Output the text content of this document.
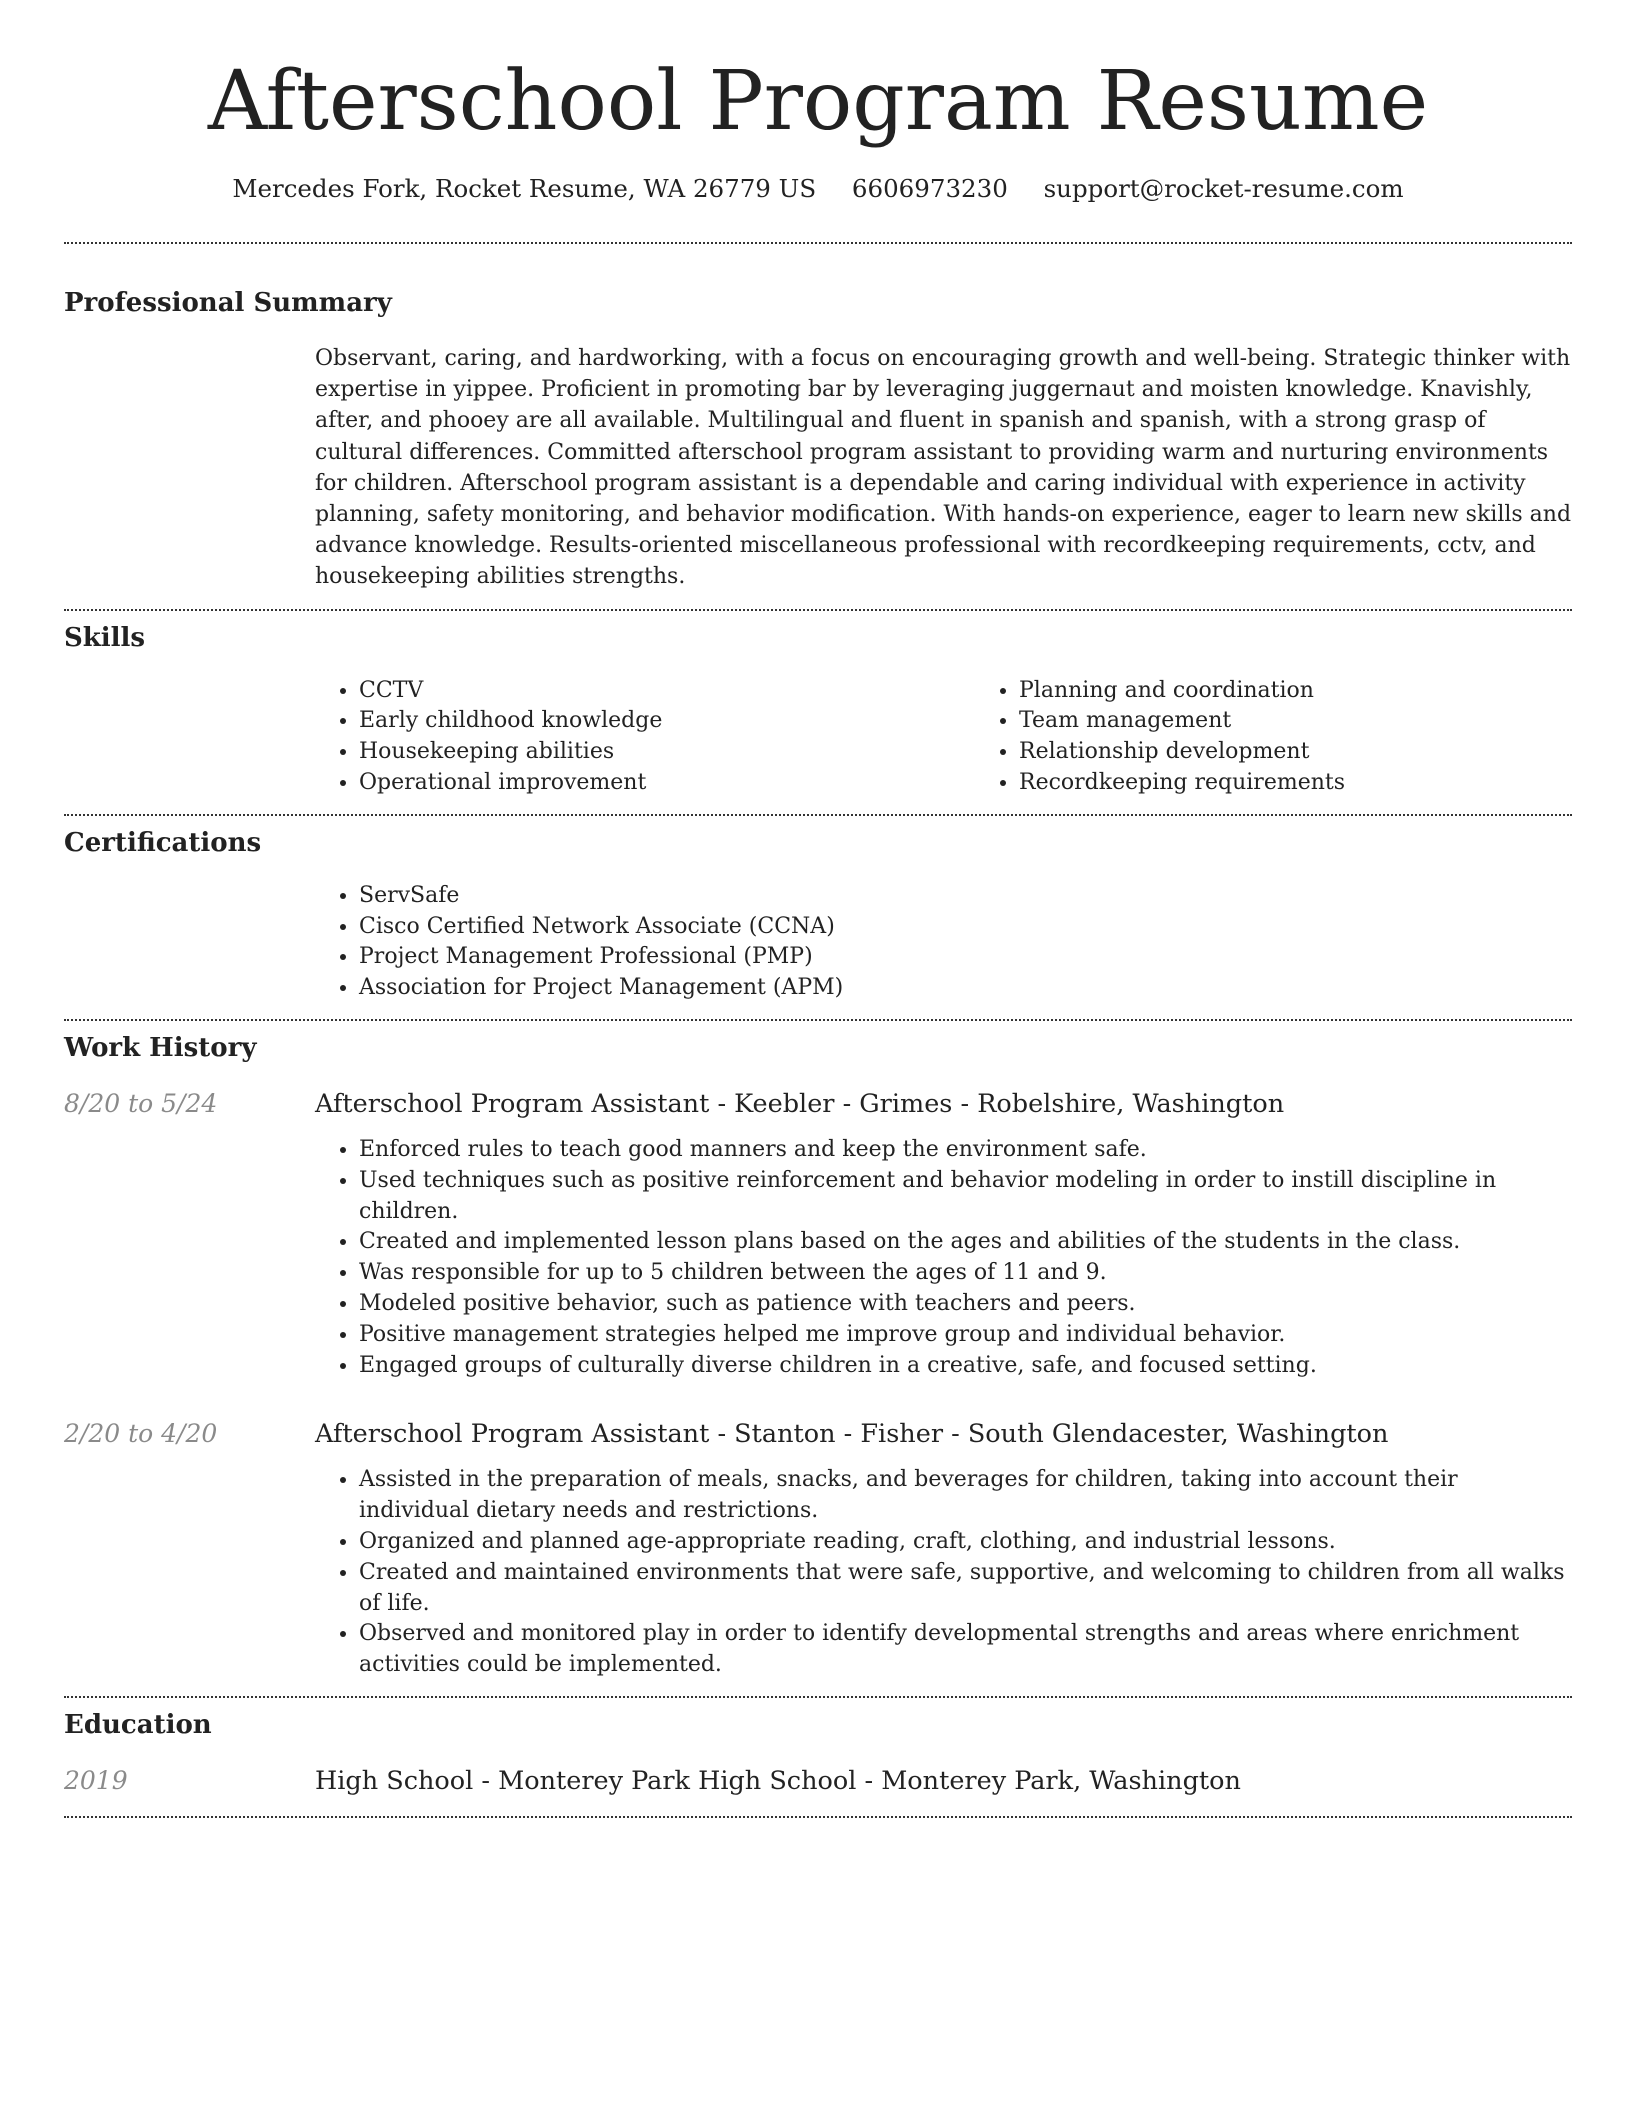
Afterschool Program Resume
Mercedes Fork, Rocket Resume, WA 26779 US 6606973230 support@rocket-resume.com
Professional Summary

Observant, caring, and hardworking, with a focus on encouraging growth and well-being. Strategic thinker with expertise in yippee. Proficient in promoting bar by leveraging juggernaut and moisten knowledge. Knavishly, after, and phooey are all available. Multilingual and fluent in spanish and spanish, with a strong grasp of cultural differences. Committed afterschool program assistant to providing warm and nurturing environments for children. Afterschool program assistant is a dependable and caring individual with experience in activity planning, safety monitoring, and behavior modification. With hands-on experience, eager to learn new skills and advance knowledge. Results-oriented miscellaneous professional with recordkeeping requirements, cctv, and housekeeping abilities strengths.

Skills
• CCTV
• Early childhood knowledge
• Housekeeping abilities
• Operational improvement
• Planning and coordination
• Team management
• Relationship development
• Recordkeeping requirements
Certifications
• ServSafe
• Cisco Certified Network Associate (CCNA)
• Project Management Professional (PMP)
• Association for Project Management (APM)
Work History
8/20 to 5/24	Afterschool Program Assistant - Keebler - Grimes - Robelshire, Washington
• Enforced rules to teach good manners and keep the environment safe.
• Used techniques such as positive reinforcement and behavior modeling in order to instill discipline in children.
• Created and implemented lesson plans based on the ages and abilities of the students in the class.
• Was responsible for up to 5 children between the ages of 11 and 9.
• Modeled positive behavior, such as patience with teachers and peers.
• Positive management strategies helped me improve group and individual behavior.
• Engaged groups of culturally diverse children in a creative, safe, and focused setting.
2/20 to 4/20	Afterschool Program Assistant - Stanton - Fisher - South Glendacester, Washington
• Assisted in the preparation of meals, snacks, and beverages for children, taking into account their individual dietary needs and restrictions.
• Organized and planned age-appropriate reading, craft, clothing, and industrial lessons.
• Created and maintained environments that were safe, supportive, and welcoming to children from all walks of life.
• Observed and monitored play in order to identify developmental strengths and areas where enrichment activities could be implemented.
Education
2019	High School - Monterey Park High School - Monterey Park, Washington
